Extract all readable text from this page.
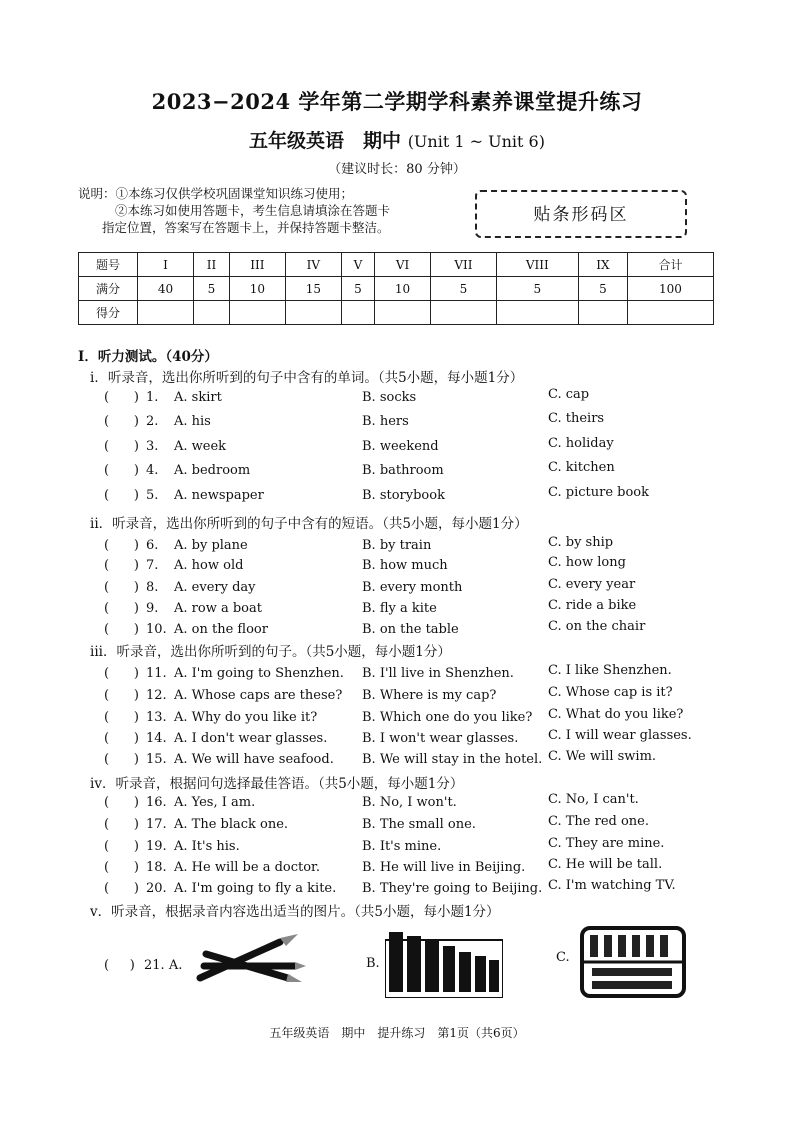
2023−2024 学年第二学期学科素养课堂提升练习
五年级英语　期中 (Unit 1 ~ Unit 6)
（建议时长：80 分钟）
说明：①本练习仅供学校巩固课堂知识练习使用；
②本练习如使用答题卡，考生信息请填涂在答题卡
指定位置，答案写在答题卡上，并保持答题卡整洁。
贴条形码区
题号	I	II	III	IV	V	VI	VII	VIII	IX	合计
满分	40	5	10	15	5	10	5	5	5	100
得分										
I．听力测试。（40分）
i．听录音，选出你所听到的句子中含有的单词。（共5小题，每小题1分）
(      ) 1. A. skirt	B. socks	C. cap
(      ) 2. A. his	B. hers	C. theirs
(      ) 3. A. week	B. weekend	C. holiday
(      ) 4. A. bedroom	B. bathroom	C. kitchen
(      ) 5. A. newspaper	B. storybook	C. picture book
ii．听录音，选出你所听到的句子中含有的短语。（共5小题，每小题1分）
(      ) 6. A. by plane	B. by train	C. by ship
(      ) 7. A. how old	B. how much	C. how long
(      ) 8. A. every day	B. every month	C. every year
(      ) 9. A. row a boat	B. fly a kite	C. ride a bike
(      ) 10. A. on the floor	B. on the table	C. on the chair
iii．听录音，选出你所听到的句子。（共5小题，每小题1分）
(      ) 11. A. I'm going to Shenzhen. B. I'll live in Shenzhen.	C. I like Shenzhen.
(      ) 12. A. Whose caps are these? B. Where is my cap?	C. Whose cap is it?
(      ) 13. A. Why do you like it?	B. Which one do you like? C. What do you like?
(      ) 14. A. I don't wear glasses.	B. I won't wear glasses. C. I will wear glasses.
(      ) 15. A. We will have seafood. B. We will stay in the hotel. C. We will swim.
iv．听录音，根据问句选择最佳答语。（共5小题，每小题1分）
(      ) 16. A. Yes, I am.	B. No, I won't.	C. No, I can't.
(      ) 17. A. The black one.	B. The small one.	C. The red one.
(      ) 19. A. It's his.	B. It's mine.	C. They are mine.
(      ) 18. A. He will be a doctor.	B. He will live in Beijing. C. He will be tall.
(      ) 20. A. I'm going to fly a kite. B. They're going to Beijing. C. I'm watching TV.
v．听录音，根据录音内容选出适当的图片。（共5小题，每小题1分）
(     ) 21. A.	B.	C.
五年级英语　期中　提升练习　第1页（共6页）
